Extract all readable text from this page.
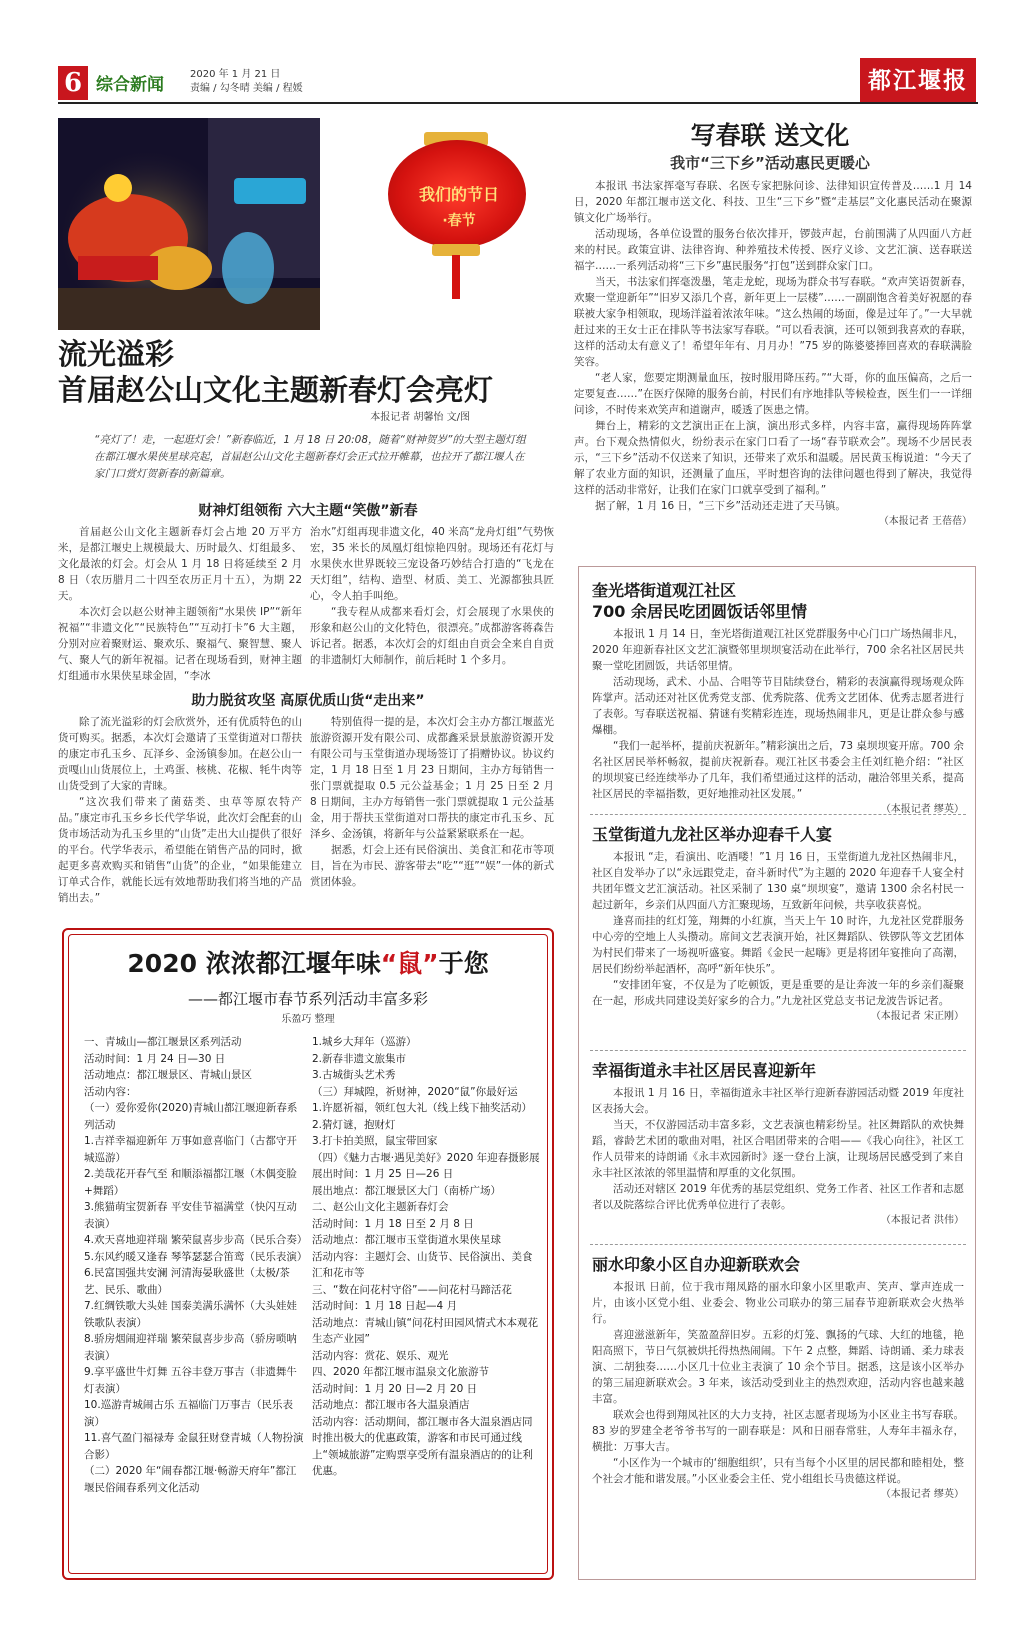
6 综合新闻
2020 年 1 月 21 日
责编 / 勾冬晴 美编 / 程媛	都江堰报
我们的节日
·春节
写春联 送文化
我市“三下乡”活动惠民更暖心

本报讯 书法家挥毫写春联、名医专家把脉问诊、法律知识宣传普及……1 月 14 日，2020 年都江堰市送文化、科技、卫生“三下乡”暨“走基层”文化惠民活动在聚源镇文化广场举行。

活动现场，各单位设置的服务台依次排开，锣鼓声起，台前围满了从四面八方赶来的村民。政策宣讲、法律咨询、种养殖技术传授、医疗义诊、文艺汇演、送春联送福字……一系列活动将“三下乡”惠民服务“打包”送到群众家门口。

当天，书法家们挥毫泼墨，笔走龙蛇，现场为群众书写春联。“欢声笑语贺新春，欢聚一堂迎新年”“旧岁又添几个喜，新年更上一层楼”……一副副饱含着美好祝愿的春联被大家争相领取，现场洋溢着浓浓年味。“这么热闹的场面，像是过年了。”一大早就赶过来的王女士正在排队等书法家写春联。“可以看表演，还可以领到我喜欢的春联，这样的活动太有意义了！希望年年有、月月办！”75 岁的陈婆婆捧回喜欢的春联满脸笑容。

“老人家，您要定期测量血压，按时服用降压药。”“大哥，你的血压偏高，之后一定要复查……”在医疗保障的服务台前，村民们有序地排队等候检查，医生们一一详细问诊，不时传来欢笑声和道谢声，暖透了医患之情。

舞台上，精彩的文艺演出正在上演，演出形式多样，内容丰富，赢得现场阵阵掌声。台下观众热情似火，纷纷表示在家门口看了一场“春节联欢会”。现场不少居民表示，“三下乡”活动不仅送来了知识，还带来了欢乐和温暖。居民黄玉梅说道：“今天了解了农业方面的知识，还测量了血压，平时想咨询的法律问题也得到了解决，我觉得这样的活动非常好，让我们在家门口就享受到了福利。”

据了解，1 月 16 日，“三下乡”活动还走进了天马镇。

（本报记者 王蓓蓓）

流光溢彩
首届赵公山文化主题新春灯会亮灯
本报记者 胡馨怡 文/图
“亮灯了！走，一起逛灯会！”新春临近，1 月 18 日 20:08，随着“财神贺岁”的大型主题灯组在都江堰水果侠星球亮起，首届赵公山文化主题新春灯会正式拉开帷幕，也拉开了都江堰人在家门口赏灯贺新春的新篇章。
财神灯组领衔 六大主题“笑傲”新春

首届赵公山文化主题新春灯会占地 20 万平方米，是都江堰史上规模最大、历时最久、灯组最多、文化最浓的灯会。灯会从 1 月 18 日将延续至 2 月 8 日（农历腊月二十四至农历正月十五），为期 22 天。

本次灯会以赵公财神主题领衔“水果侠 IP”“新年祝福”“非遗文化”“民族特色”“互动打卡”6 大主题，分别对应着聚财运、聚欢乐、聚福气、聚智慧、聚人气、聚人气的新年祝福。记者在现场看到，财神主题灯组通市水果侠星球金固，“李冰

治水”灯组再现非遗文化，40 米高“龙舟灯组”气势恢宏，35 米长的凤凰灯组惊艳四射。现场还有花灯与水果侠水世界既较三宠设备巧妙结合打造的“飞龙在天灯组”，结构、造型、材质、美工、光源都独具匠心，令人拍手叫绝。

“我专程从成都来看灯会，灯会展现了水果侠的形象和赵公山的文化特色，很漂亮。”成都游客蒋森告诉记者。据悉，本次灯会的灯组由自贡会全来自自贡的非遗制灯大师制作，前后耗时 1 个多月。

助力脱贫攻坚 高原优质山货“走出来”

除了流光溢彩的灯会欣赏外，还有优质特色的山货可购买。据悉，本次灯会邀请了玉堂街道对口帮扶的康定市孔玉乡、瓦泽乡、金汤镇参加。在赵公山一贡嘎山山货展位上，土鸡蛋、核桃、花椒、牦牛肉等山货受到了大家的青睐。

“这次我们带来了菌菇类、虫草等原农特产品。”康定市孔玉乡乡长代学华说，此次灯会配套的山货市场活动为孔玉乡里的“山货”走出大山提供了很好的平台。代学华表示，希望能在销售产品的同时，掀起更多喜欢购买和销售“山货”的企业，“如果能建立订单式合作，就能长远有效地帮助我们将当地的产品销出去。”

特别值得一提的是，本次灯会主办方都江堰蓝光旅游资源开发有限公司、成都鑫采景景旅游资源开发有限公司与玉堂街道办现场签订了捐赠协议。协议约定，1 月 18 日至 1 月 23 日期间，主办方每销售一张门票就提取 0.5 元公益基金；1 月 25 日至 2 月 8 日期间，主办方每销售一张门票就提取 1 元公益基金，用于帮扶玉堂街道对口帮扶的康定市孔玉乡、瓦泽乡、金汤镇，将新年与公益紧紧联系在一起。

据悉，灯会上还有民俗演出、美食汇和花市等项目，旨在为市民、游客带去“吃”“逛”“娱”一体的新式赏团体验。

2020 浓浓都江堰年味“鼠”于您
——都江堰市春节系列活动丰富多彩
乐盈巧 整理
一、青城山—都江堰景区系列活动
活动时间：1 月 24 日—30 日
活动地点：都江堰景区、青城山景区
活动内容：
（一）爱你爱你(2020)青城山都江堰迎新春系列活动
1.吉祥幸福迎新年 万事如意喜临门（古都守开城巡游）
2.美哉花开春气至 和顺添福都江堰（木偶变脸+舞蹈）
3.熊猫萌宝贺新春 平安佳节福满堂（快闪互动表演）
4.欢天喜地迎祥瑞 繁荣鼠喜步步高（民乐合奏）
5.东风约暖又逢春 琴筝瑟瑟合笛鸾（民乐表演）
6.民富国强共安澜 河清海晏耿盛世（太极/茶艺、民乐、歌曲）
7.红绸铁歌大头娃 国泰美满乐满怀（大头娃娃铁歌队表演）
8.骄房烟闹迎祥瑞 繁荣鼠喜步步高（骄房唢呐表演）
9.享平盛世牛灯舞 五谷丰登万事吉（非遗舞牛灯表演）
10.巡游青城闹古乐 五福临门万事吉（民乐表演）
11.喜气盈门福禄寿 金鼠狂财登青城（人物扮演合影）
（二）2020 年“闹春都江堰·畅游天府年”都江堰民俗闹春系列文化活动
1.城乡大拜年（巡游）
2.新春非遗文旅集市
3.古城街头艺术秀
（三）拜城隍，祈财神，2020“鼠”你最好运
1.许愿祈福，领红包大礼（线上线下抽奖活动）
2.猜灯谜，抱财灯
3.打卡拍美照，鼠宝带回家
（四）《魅力古堰·遇见美好》2020 年迎春摄影展
展出时间：1 月 25 日—26 日
展出地点：都江堰景区大门（南桥广场）
二、赵公山文化主题新春灯会
活动时间：1 月 18 日至 2 月 8 日
活动地点：都江堰市玉堂街道水果侠星球
活动内容：主题灯会、山货节、民俗演出、美食汇和花市等
三、“数在问花村守俗”——问花村马蹄活花
活动时间：1 月 18 日起—4 月
活动地点：青城山镇“问花村田园风情式木本观花生态产业园”
活动内容：赏花、娱乐、观光
四、2020 年都江堰市温泉文化旅游节
活动时间：1 月 20 日—2 月 20 日
活动地点：都江堰市各大温泉酒店
活动内容：活动期间，都江堰市各大温泉酒店同时推出极大的优惠政策，游客和市民可通过线上“领城旅游”定购票享受所有温泉酒店的的让利优惠。
奎光塔街道观江社区
700 余居民吃团圆饭话邻里情

本报讯 1 月 14 日，奎光塔街道观江社区党群服务中心门口广场热闹非凡，2020 年迎新春社区文艺汇演暨邻里坝坝宴活动在此举行，700 余名社区居民共聚一堂吃团圆饭，共话邻里情。

活动现场，武术、小品、合唱等节目陆续登台，精彩的表演赢得现场观众阵阵掌声。活动还对社区优秀党支部、优秀院落、优秀文艺团体、优秀志愿者进行了表彰。写春联送祝福、猜谜有奖精彩连连，现场热闹非凡，更是让群众参与感爆棚。

“我们一起举杯，提前庆祝新年。”精彩演出之后，73 桌坝坝宴开席。700 余名社区居民举杯畅叙，提前庆祝新春。观江社区书委会主任刘红艳介绍：“社区的坝坝宴已经连续举办了几年，我们希望通过这样的活动，融洽邻里关系，提高社区居民的幸福指数，更好地推动社区发展。”

（本报记者 缪英）

玉堂街道九龙社区举办迎春千人宴

本报讯 “走，看演出、吃酒喽！”1 月 16 日，玉堂街道九龙社区热闹非凡，社区自发举办了以“永远跟党走，奋斗新时代”为主题的 2020 年迎春千人宴全村共团年暨文艺汇演活动。社区采制了 130 桌“坝坝宴”，邀请 1300 余名村民一起过新年，乡亲们从四面八方汇聚现场，互致新年问候，共享收获喜悦。

逢喜而挂的红灯笼，翔舞的小红旗，当天上午 10 时许，九龙社区党群服务中心旁的空地上人头攒动。席间文艺表演开始，社区舞蹈队、铁锣队等文艺团体为村民们带来了一场视听盛宴。舞蹈《金民一起嗨》更是将团年宴推向了高潮，居民们纷纷举起酒杯，高呼“新年快乐”。

“安排团年宴，不仅是为了吃顿饭，更是重要的是让奔波一年的乡亲们凝聚在一起，形成共同建设美好家乡的合力。”九龙社区党总支书记龙波告诉记者。

（本报记者 宋正刚）

幸福街道永丰社区居民喜迎新年

本报讯 1 月 16 日，幸福街道永丰社区举行迎新春游园活动暨 2019 年度社区表扬大会。

当天，不仅游园活动丰富多彩，文艺表演也精彩纷呈。社区舞蹈队的欢快舞蹈，睿龄艺术团的歌曲对唱，社区合唱团带来的合唱——《我心向往》，社区工作人员带来的诗朗诵《永丰欢园新时》逐一登台上演，让现场居民感受到了来自永丰社区浓浓的邻里温情和厚重的文化氛围。

活动还对辖区 2019 年优秀的基层党组织、党务工作者、社区工作者和志愿者以及院落综合评比优秀单位进行了表彰。

（本报记者 洪伟）

丽水印象小区自办迎新联欢会

本报讯 日前，位于我市翔凤路的丽水印象小区里歌声、笑声、掌声连成一片，由该小区党小组、业委会、物业公司联办的第三届春节迎新联欢会火热举行。

喜迎滋滋新年，笑盈盈辞旧岁。五彩的灯笼、飘扬的气球、大红的地毯，艳阳高照下，节日气氛被烘托得热热闹闹。下午 2 点整，舞蹈、诗朗诵、柔力球表演、二胡独奏……小区几十位业主表演了 10 余个节目。据悉，这是该小区举办的第三届迎新联欢会。3 年来，该活动受到业主的热烈欢迎，活动内容也越来越丰富。

联欢会也得到翔凤社区的大力支持，社区志愿者现场为小区业主书写春联。83 岁的罗建全老爷爷书写的一副春联是：风和日丽春常驻，人寿年丰福永存，横批：万事大吉。

“小区作为一个城市的‘细胞组织’，只有当每个小区里的居民都和睦相处，整个社会才能和谐发展。”小区业委会主任、党小组组长马贵德这样说。

（本报记者 缪英）
